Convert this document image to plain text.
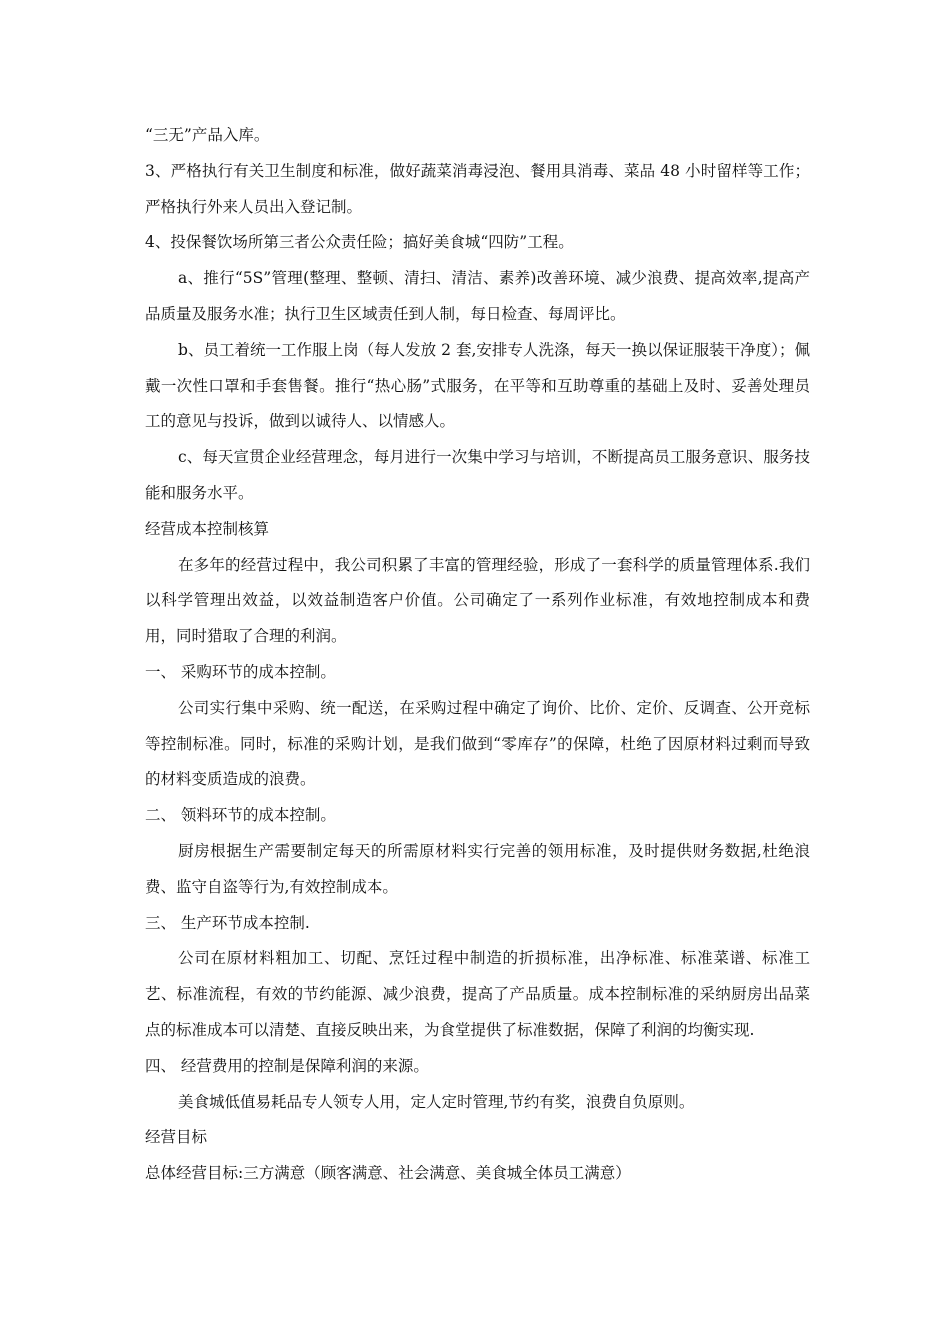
“三无”产品入库。

3、严格执行有关卫生制度和标准，做好蔬菜消毒浸泡、餐用具消毒、菜品 48 小时留样等工作；严格执行外来人员出入登记制。

4、投保餐饮场所第三者公众责任险；搞好美食城“四防”工程。

a、推行“5S”管理(整理、整顿、清扫、清洁、素养)改善环境、减少浪费、提高效率,提高产品质量及服务水准；执行卫生区域责任到人制，每日检查、每周评比。

b、员工着统一工作服上岗（每人发放 2 套,安排专人洗涤，每天一换以保证服装干净度）；佩戴一次性口罩和手套售餐。推行“热心肠”式服务，在平等和互助尊重的基础上及时、妥善处理员工的意见与投诉，做到以诚待人、以情感人。

c、每天宣贯企业经营理念，每月进行一次集中学习与培训，不断提高员工服务意识、服务技能和服务水平。

经营成本控制核算

在多年的经营过程中，我公司积累了丰富的管理经验，形成了一套科学的质量管理体系.我们以科学管理出效益，以效益制造客户价值。公司确定了一系列作业标准，有效地控制成本和费用，同时猎取了合理的利润。

一、 采购环节的成本控制。

公司实行集中采购、统一配送，在采购过程中确定了询价、比价、定价、反调查、公开竞标等控制标准。同时，标准的采购计划，是我们做到“零库存”的保障，杜绝了因原材料过剩而导致的材料变质造成的浪费。

二、 领料环节的成本控制。

厨房根据生产需要制定每天的所需原材料实行完善的领用标准，及时提供财务数据,杜绝浪费、监守自盗等行为,有效控制成本。

三、 生产环节成本控制.

公司在原材料粗加工、切配、烹饪过程中制造的折损标准，出净标准、标准菜谱、标准工艺、标准流程，有效的节约能源、减少浪费，提高了产品质量。成本控制标准的采纳厨房出品菜点的标准成本可以清楚、直接反映出来，为食堂提供了标准数据，保障了利润的均衡实现.

四、 经营费用的控制是保障利润的来源。

美食城低值易耗品专人领专人用，定人定时管理,节约有奖，浪费自负原则。

经营目标

总体经营目标:三方满意（顾客满意、社会满意、美食城全体员工满意）
